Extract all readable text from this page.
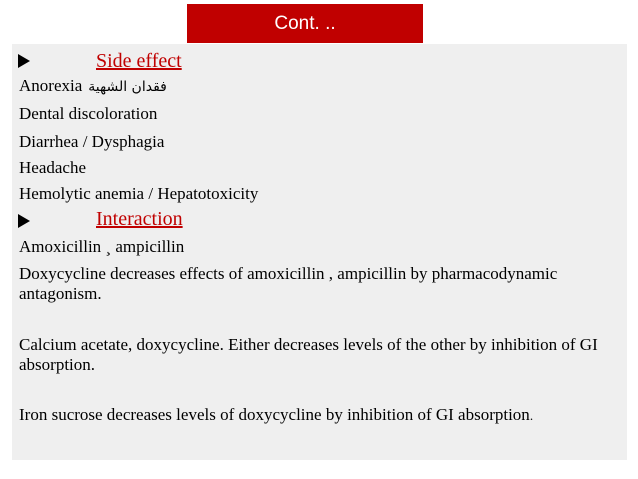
Cont. ..
Side effect
Anorexia فقدان الشهية
Dental discoloration
Diarrhea / Dysphagia
Headache
Hemolytic anemia / Hepatotoxicity
Interaction
Amoxicillin ¸ ampicillin
Doxycycline decreases effects of amoxicillin , ampicillin by pharmacodynamic antagonism.
Calcium acetate, doxycycline. Either decreases levels of the other by inhibition of GI absorption.
Iron sucrose decreases levels of doxycycline by inhibition of GI absorption.
